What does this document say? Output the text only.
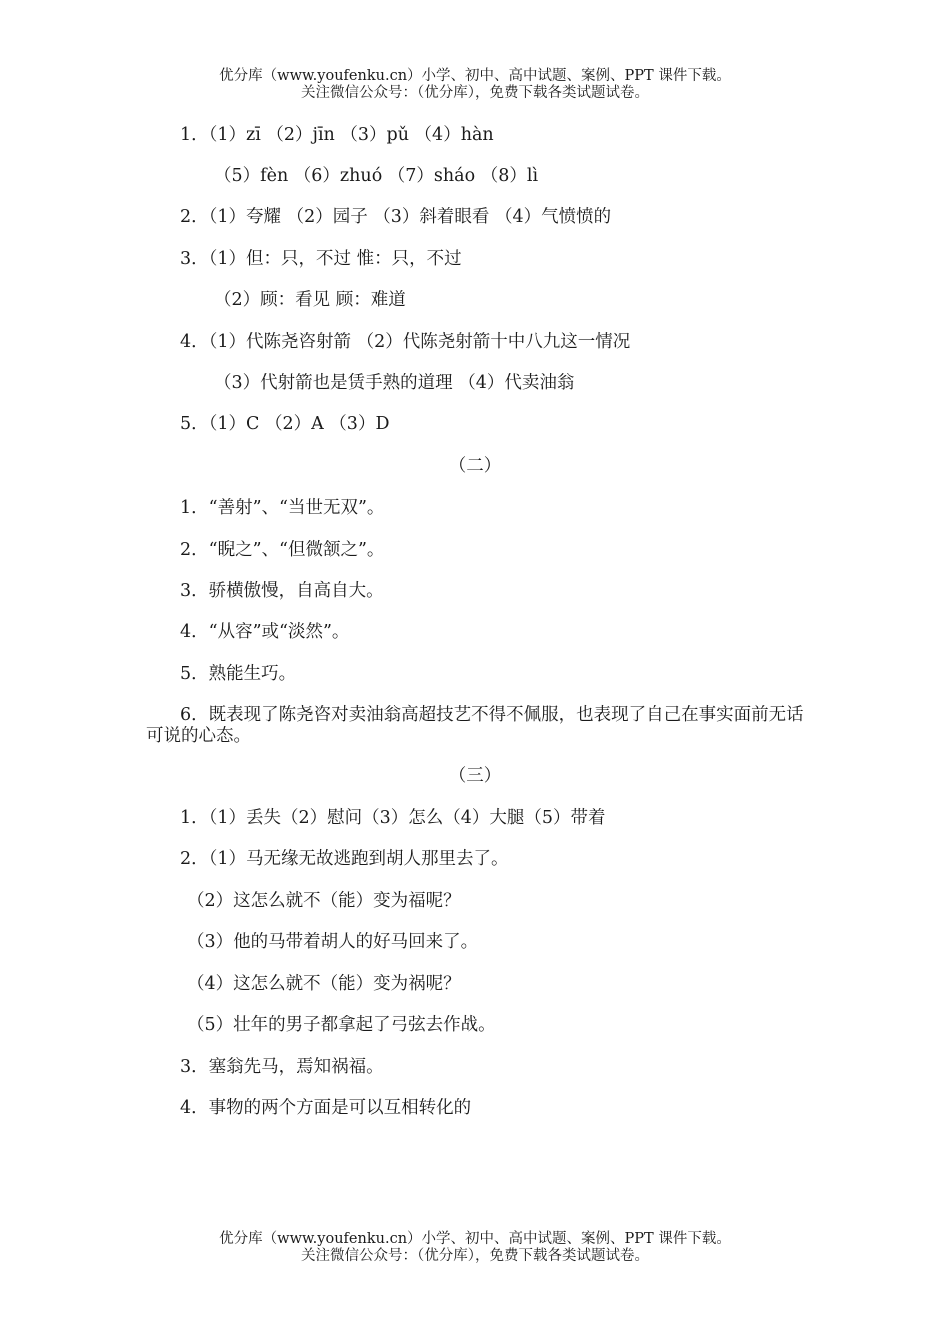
优分库（www.youfenku.cn）小学、初中、高中试题、案例、PPT 课件下载。
关注微信公众号：（优分库），免费下载各类试题试卷。
1．（1）zī （2）jīn （3）pǔ （4）hàn
（5）fèn （6）zhuó （7）sháo （8）lì
2．（1）夸耀 （2）园子 （3）斜着眼看 （4）气愤愤的
3．（1）但：只，不过 惟：只，不过
（2）顾：看见 顾：难道
4．（1）代陈尧咨射箭 （2）代陈尧射箭十中八九这一情况
（3）代射箭也是赁手熟的道理 （4）代卖油翁
5．（1）C （2）A （3）D
（二）
1．“善射”、“当世无双”。
2．“睨之”、“但微颔之”。
3．骄横傲慢，自高自大。
4．“从容”或“淡然”。
5．熟能生巧。
6．既表现了陈尧咨对卖油翁高超技艺不得不佩服，也表现了自己在事实面前无话可说的心态。
（三）
1．（1）丢失（2）慰问（3）怎么（4）大腿（5）带着
2．（1）马无缘无故逃跑到胡人那里去了。
（2）这怎么就不（能）变为福呢？
（3）他的马带着胡人的好马回来了。
（4）这怎么就不（能）变为祸呢？
（5）壮年的男子都拿起了弓弦去作战。
3．塞翁先马，焉知祸福。
4．事物的两个方面是可以互相转化的
优分库（www.youfenku.cn）小学、初中、高中试题、案例、PPT 课件下载。
关注微信公众号：（优分库），免费下载各类试题试卷。
